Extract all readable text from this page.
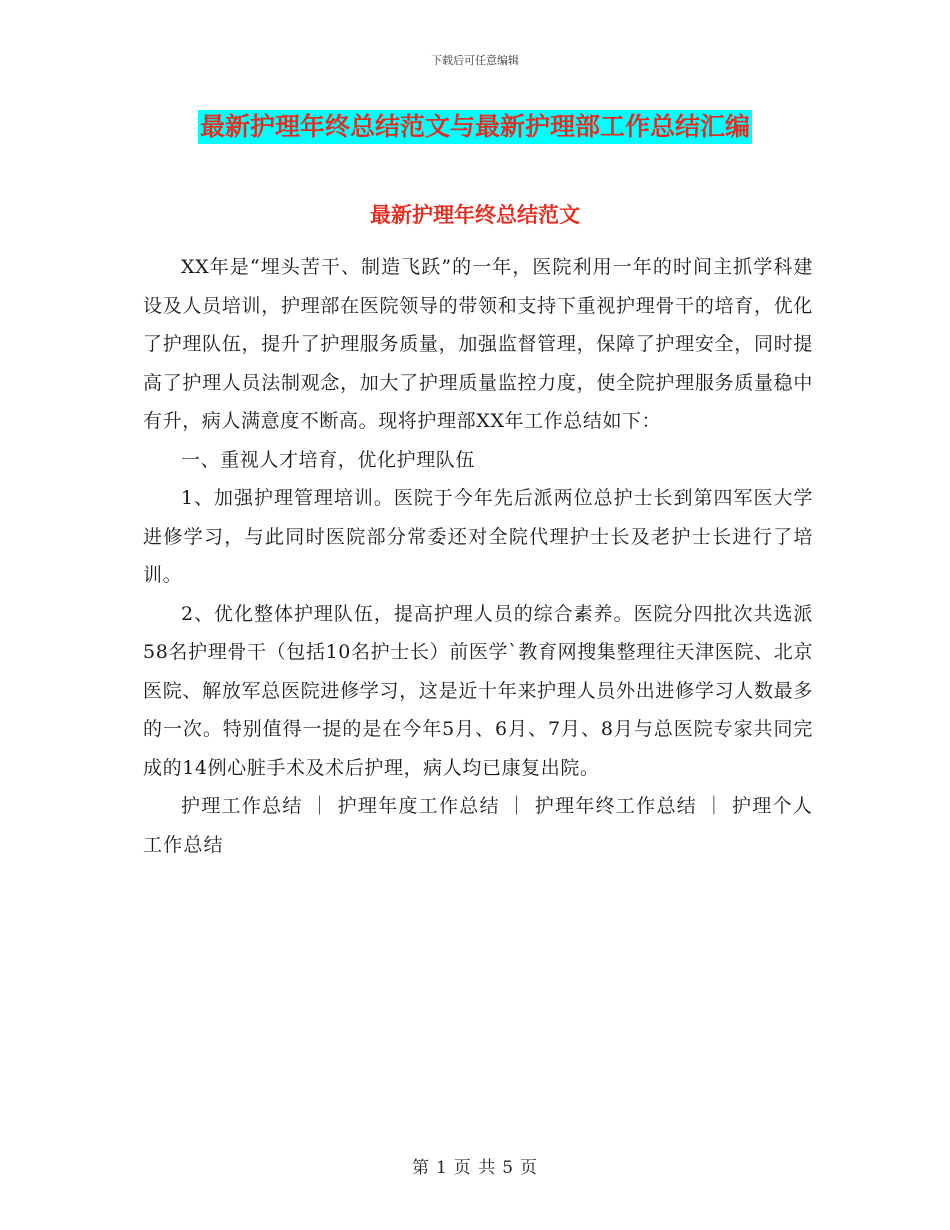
下载后可任意编辑
最新护理年终总结范文与最新护理部工作总结汇编
最新护理年终总结范文

XX年是“埋头苦干、制造飞跃”的一年，医院利用一年的时间主抓学科建设及人员培训，护理部在医院领导的带领和支持下重视护理骨干的培育，优化了护理队伍，提升了护理服务质量，加强监督管理，保障了护理安全，同时提高了护理人员法制观念，加大了护理质量监控力度，使全院护理服务质量稳中有升，病人满意度不断高。现将护理部XX年工作总结如下：

一、重视人才培育，优化护理队伍

1、加强护理管理培训。医院于今年先后派两位总护士长到第四军医大学进修学习，与此同时医院部分常委还对全院代理护士长及老护士长进行了培训。

2、优化整体护理队伍，提高护理人员的综合素养。医院分四批次共选派58名护理骨干（包括10名护士长）前医学`教育网搜集整理往天津医院、北京医院、解放军总医院进修学习，这是近十年来护理人员外出进修学习人数最多的一次。特别值得一提的是在今年5月、6月、7月、8月与总医院专家共同完成的14例心脏手术及术后护理，病人均已康复出院。

护理工作总结 ｜ 护理年度工作总结 ｜ 护理年终工作总结 ｜ 护理个人工作总结

第 1 页 共 5 页
